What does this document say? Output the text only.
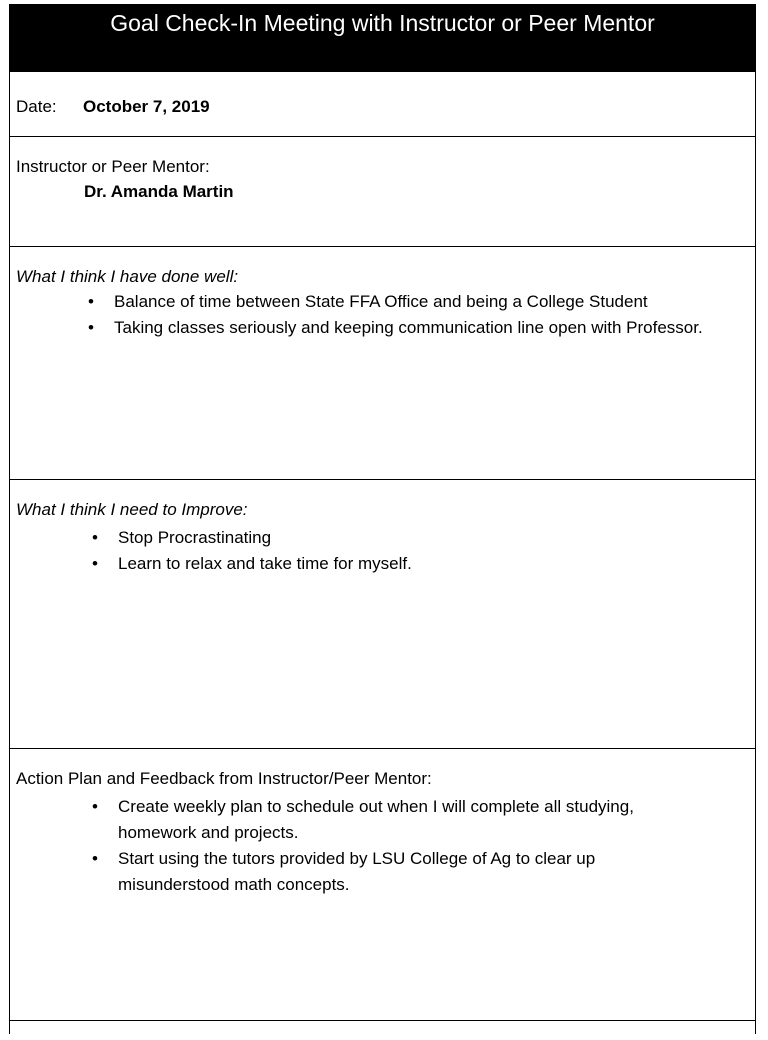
Goal Check-In Meeting with Instructor or Peer Mentor
Date: October 7, 2019
Instructor or Peer Mentor:
Dr. Amanda Martin
What I think I have done well:
•	Balance of time between State FFA Office and being a College Student
•	Taking classes seriously and keeping communication line open with Professor.
What I think I need to Improve:
•	Stop Procrastinating
•	Learn to relax and take time for myself.
Action Plan and Feedback from Instructor/Peer Mentor:
•	Create weekly plan to schedule out when I will complete all studying, homework and projects.
•	Start using the tutors provided by LSU College of Ag to clear up misunderstood math concepts.
